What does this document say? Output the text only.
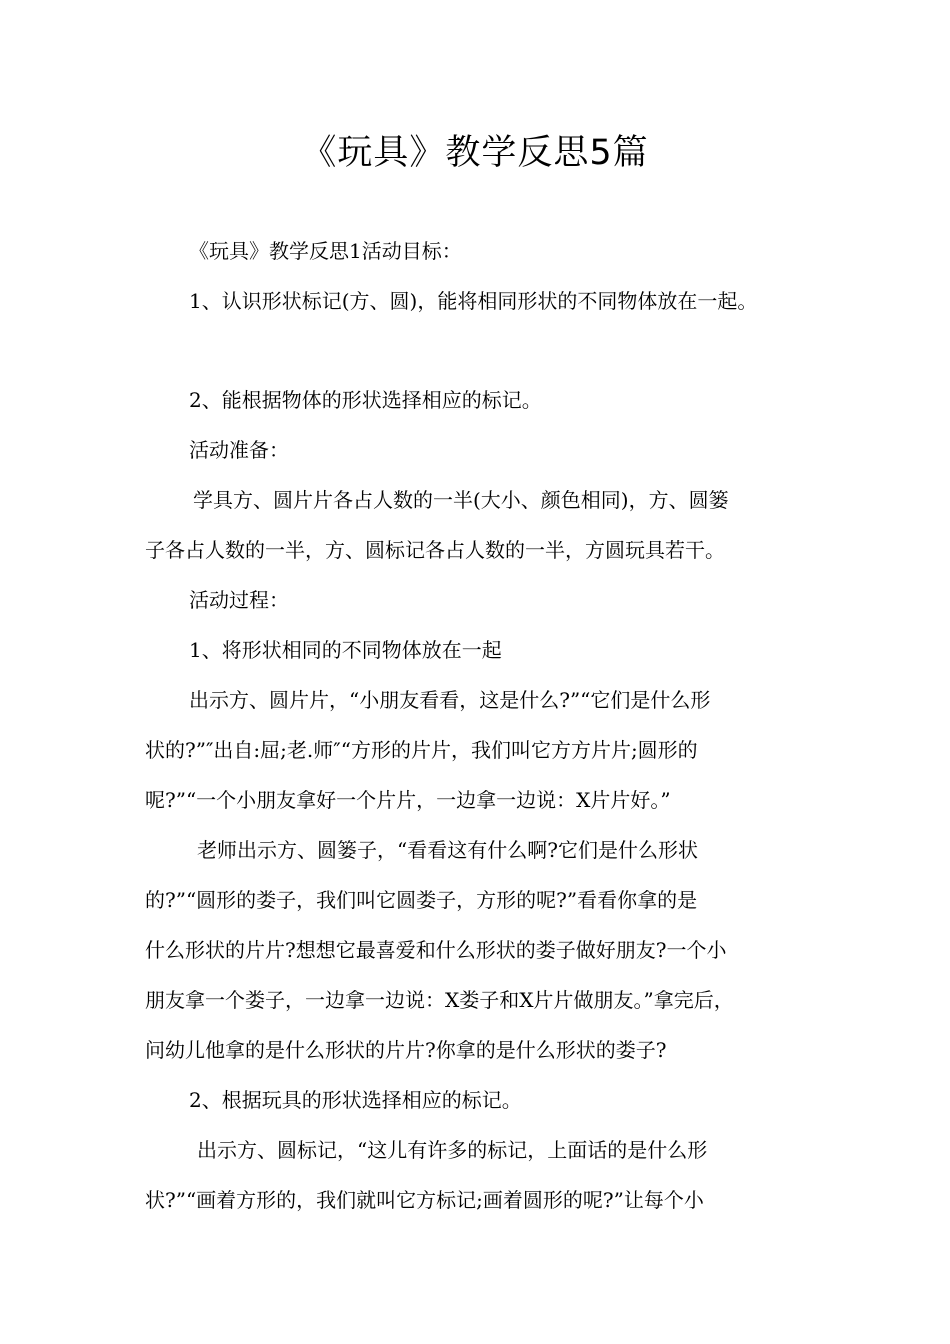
《玩具》教学反思5篇
《玩具》教学反思1活动目标：
1、认识形状标记(方、圆)，能将相同形状的不同物体放在一起。
2、能根据物体的形状选择相应的标记。
活动准备：
学具方、圆片片各占人数的一半(大小、颜色相同)，方、圆篓
子各占人数的一半，方、圆标记各占人数的一半，方圆玩具若干。
活动过程：
1、将形状相同的不同物体放在一起
出示方、圆片片，“小朋友看看，这是什么?”“它们是什么形
状的?”″出自:屈;老.师″“方形的片片，我们叫它方方片片;圆形的
呢?”“一个小朋友拿好一个片片，一边拿一边说：X片片好。”
老师出示方、圆篓子，“看看这有什么啊?它们是什么形状
的?”“圆形的娄子，我们叫它圆娄子，方形的呢?”看看你拿的是
什么形状的片片?想想它最喜爱和什么形状的娄子做好朋友?一个小
朋友拿一个娄子，一边拿一边说：X娄子和X片片做朋友。”拿完后，
问幼儿他拿的是什么形状的片片?你拿的是什么形状的娄子?
2、根据玩具的形状选择相应的标记。
出示方、圆标记，“这儿有许多的标记，上面话的是什么形
状?”“画着方形的，我们就叫它方标记;画着圆形的呢?”让每个小
